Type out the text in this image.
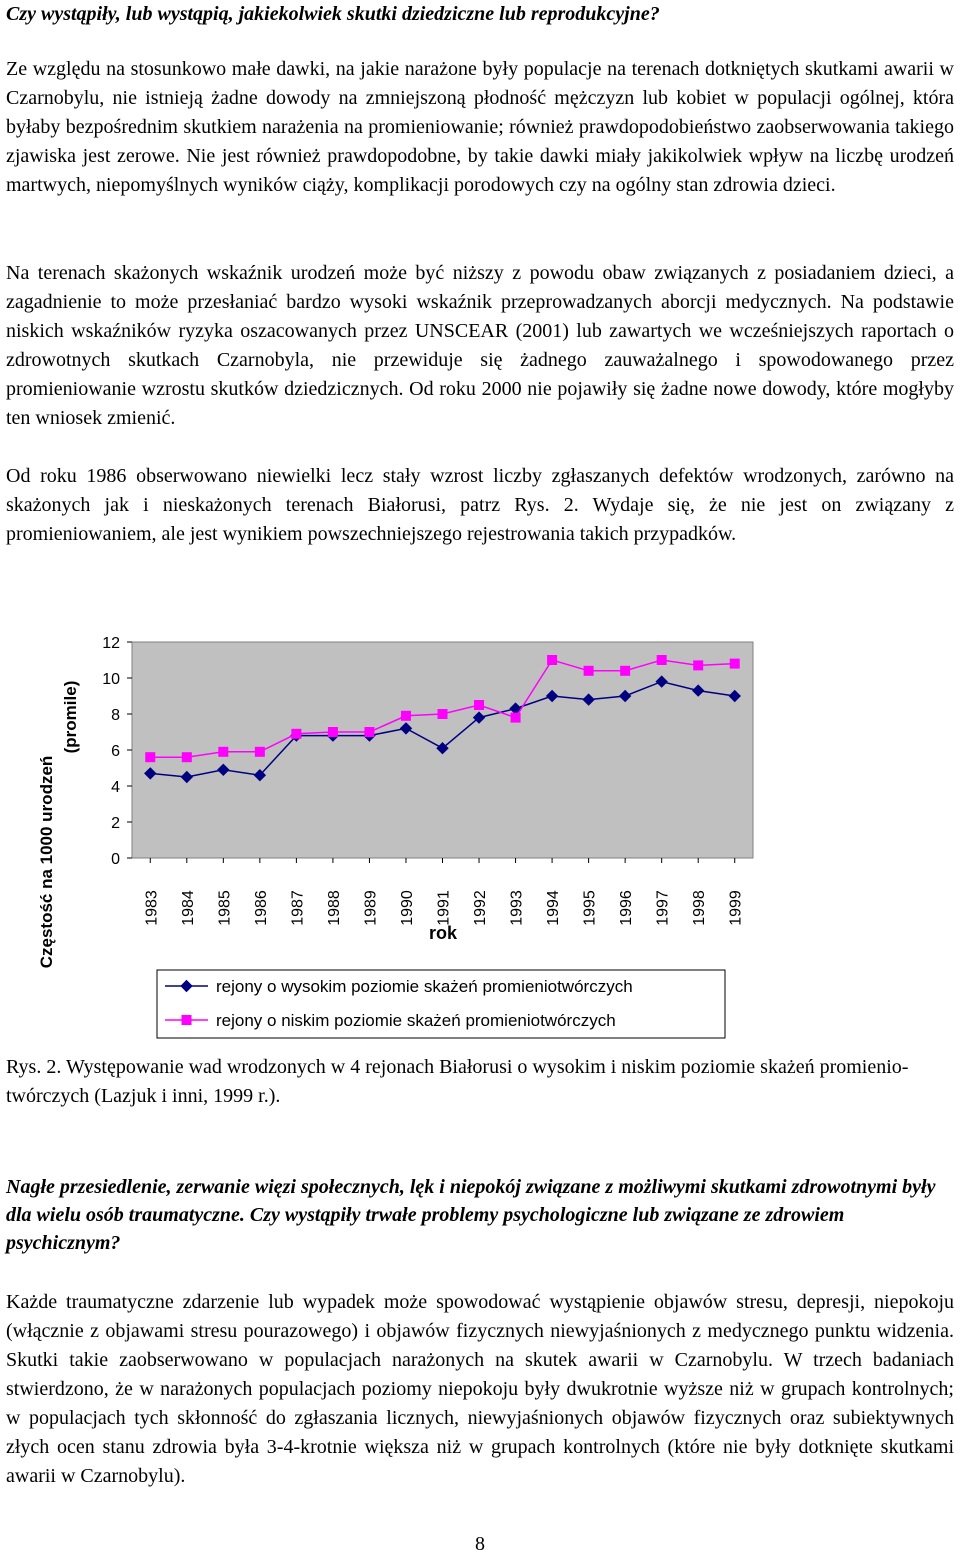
Czy wystąpiły, lub wystąpią, jakiekolwiek skutki dziedziczne lub reprodukcyjne?

Ze względu na stosunkowo małe dawki, na jakie narażone były populacje na terenach dotkniętych skutkami awarii w Czarnobylu, nie istnieją żadne dowody na zmniejszoną płodność mężczyzn lub kobiet w populacji ogólnej, która byłaby bezpośrednim skutkiem narażenia na promieniowanie; również prawdopodobieństwo zaobserwowania takiego zjawiska jest zerowe. Nie jest również prawdopodobne, by takie dawki miały jakikolwiek wpływ na liczbę urodzeń martwych, niepomyślnych wyników ciąży, komplikacji porodowych czy na ogólny stan zdrowia dzieci.

Na terenach skażonych wskaźnik urodzeń może być niższy z powodu obaw związanych z posiadaniem dzieci, a zagadnienie to może przesłaniać bardzo wysoki wskaźnik przeprowadzanych aborcji medycznych. Na podstawie niskich wskaźników ryzyka oszacowanych przez UNSCEAR (2001) lub zawartych we wcześniejszych raportach o zdrowotnych skutkach Czarnobyla, nie przewiduje się żadnego zauważalnego i spowodowanego przez promieniowanie wzrostu skutków dziedzicznych. Od roku 2000 nie pojawiły się żadne nowe dowody, które mogłyby ten wniosek zmienić.

Od roku 1986 obserwowano niewielki lecz stały wzrost liczby zgłaszanych defektów wrodzonych, zarówno na skażonych jak i nieskażonych terenach Białorusi, patrz Rys. 2. Wydaje się, że nie jest on związany z promieniowaniem, ale jest wynikiem powszechniejszego rejestrowania takich przypadków.

Częstość na 1000 urodzeń
(promile)
0
2
4
6
8
10
12
1983 1984 1985 1986 1987 1988 1989 1990 1991 1992 1993 1994 1995 1996 1997 1998 1999
rok
rejony o wysokim poziomie skażeń promieniotwórczych
rejony o niskim poziomie skażeń promieniotwórczych

Rys. 2. Występowanie wad wrodzonych w 4 rejonach Białorusi o wysokim i niskim poziomie skażeń promienio-twórczych (Lazjuk i inni, 1999 r.).

Nagłe przesiedlenie, zerwanie więzi społecznych, lęk i niepokój związane z możliwymi skutkami zdrowotnymi były dla wielu osób traumatyczne. Czy wystąpiły trwałe problemy psychologiczne lub związane ze zdrowiem psychicznym?

Każde traumatyczne zdarzenie lub wypadek może spowodować wystąpienie objawów stresu, depresji, niepokoju (włącznie z objawami stresu pourazowego) i objawów fizycznych niewyjaśnionych z medycznego punktu widzenia. Skutki takie zaobserwowano w populacjach narażonych na skutek awarii w Czarnobylu. W trzech badaniach stwierdzono, że w narażonych populacjach poziomy niepokoju były dwukrotnie wyższe niż w grupach kontrolnych; w populacjach tych skłonność do zgłaszania licznych, niewyjaśnionych objawów fizycznych oraz subiektywnych złych ocen stanu zdrowia była 3-4-krotnie większa niż w grupach kontrolnych (które nie były dotknięte skutkami awarii w Czarnobylu).

8
